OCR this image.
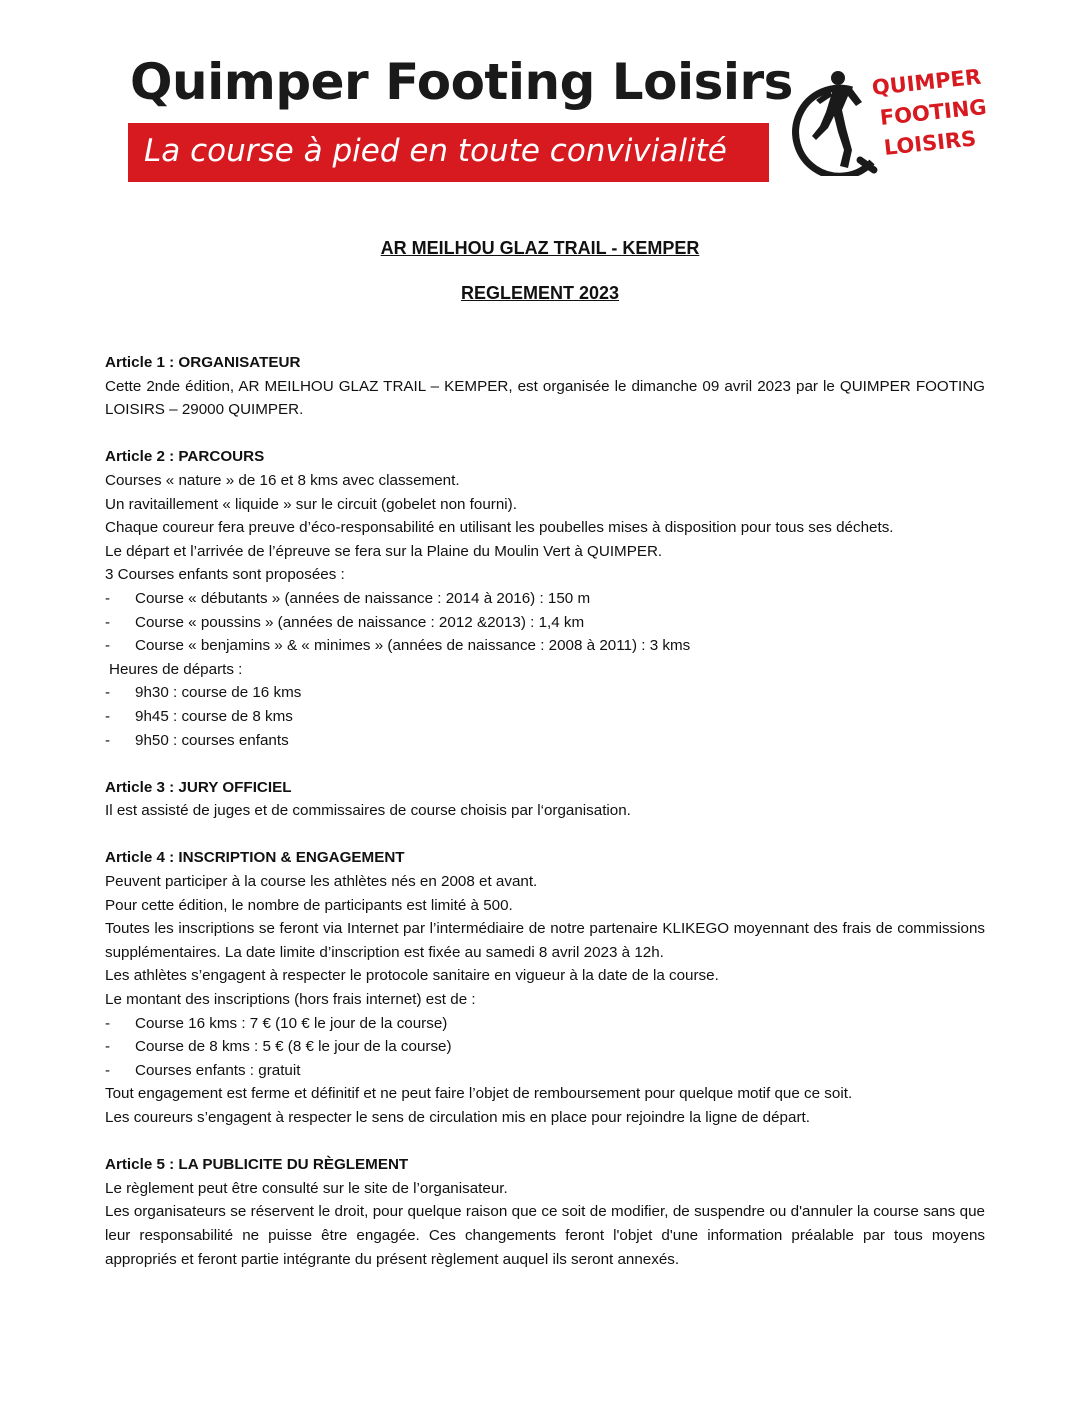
Quimper Footing Loisirs
La course à pied en toute convivialité
QUIMPER
FOOTING
LOISIRS
AR MEILHOU GLAZ TRAIL - KEMPER
REGLEMENT 2023
Article 1 : ORGANISATEUR

Cette 2nde édition, AR MEILHOU GLAZ TRAIL – KEMPER, est organisée le dimanche 09 avril 2023 par le QUIMPER FOOTING LOISIRS – 29000 QUIMPER.

Article 2 : PARCOURS

Courses « nature » de 16 et 8 kms avec classement.

Un ravitaillement « liquide » sur le circuit (gobelet non fourni).

Chaque coureur fera preuve d’éco-responsabilité en utilisant les poubelles mises à disposition pour tous ses déchets.

Le départ et l’arrivée de l’épreuve se fera sur la Plaine du Moulin Vert à QUIMPER.

3 Courses enfants sont proposées :

-	Course « débutants » (années de naissance : 2014 à 2016) : 150 m
-	Course « poussins » (années de naissance : 2012 &2013) : 1,4 km
-	Course « benjamins » & « minimes » (années de naissance : 2008 à 2011) : 3 kms

Heures de départs :

-	9h30 : course de 16 kms
-	9h45 : course de 8 kms
-	9h50 : courses enfants
Article 3 : JURY OFFICIEL

Il est assisté de juges et de commissaires de course choisis par l‘organisation.

Article 4 : INSCRIPTION & ENGAGEMENT

Peuvent participer à la course les athlètes nés en 2008 et avant.

Pour cette édition, le nombre de participants est limité à 500.

Toutes les inscriptions se feront via Internet par l’intermédiaire de notre partenaire KLIKEGO moyennant des frais de commissions supplémentaires. La date limite d’inscription est fixée au samedi 8 avril 2023 à 12h.

Les athlètes s’engagent à respecter le protocole sanitaire en vigueur à la date de la course.

Le montant des inscriptions (hors frais internet) est de :

-	Course 16 kms : 7 € (10 € le jour de la course)
-	Course de 8 kms : 5 € (8 € le jour de la course)
-	Courses enfants : gratuit

Tout engagement est ferme et définitif et ne peut faire l’objet de remboursement pour quelque motif que ce soit.

Les coureurs s’engagent à respecter le sens de circulation mis en place pour rejoindre la ligne de départ.

Article 5 : LA PUBLICITE DU RÈGLEMENT

Le règlement peut être consulté sur le site de l’organisateur.

Les organisateurs se réservent le droit, pour quelque raison que ce soit de modifier, de suspendre ou d'annuler la course sans que leur responsabilité ne puisse être engagée. Ces changements feront l'objet d'une information préalable par tous moyens appropriés et feront partie intégrante du présent règlement auquel ils seront annexés.
